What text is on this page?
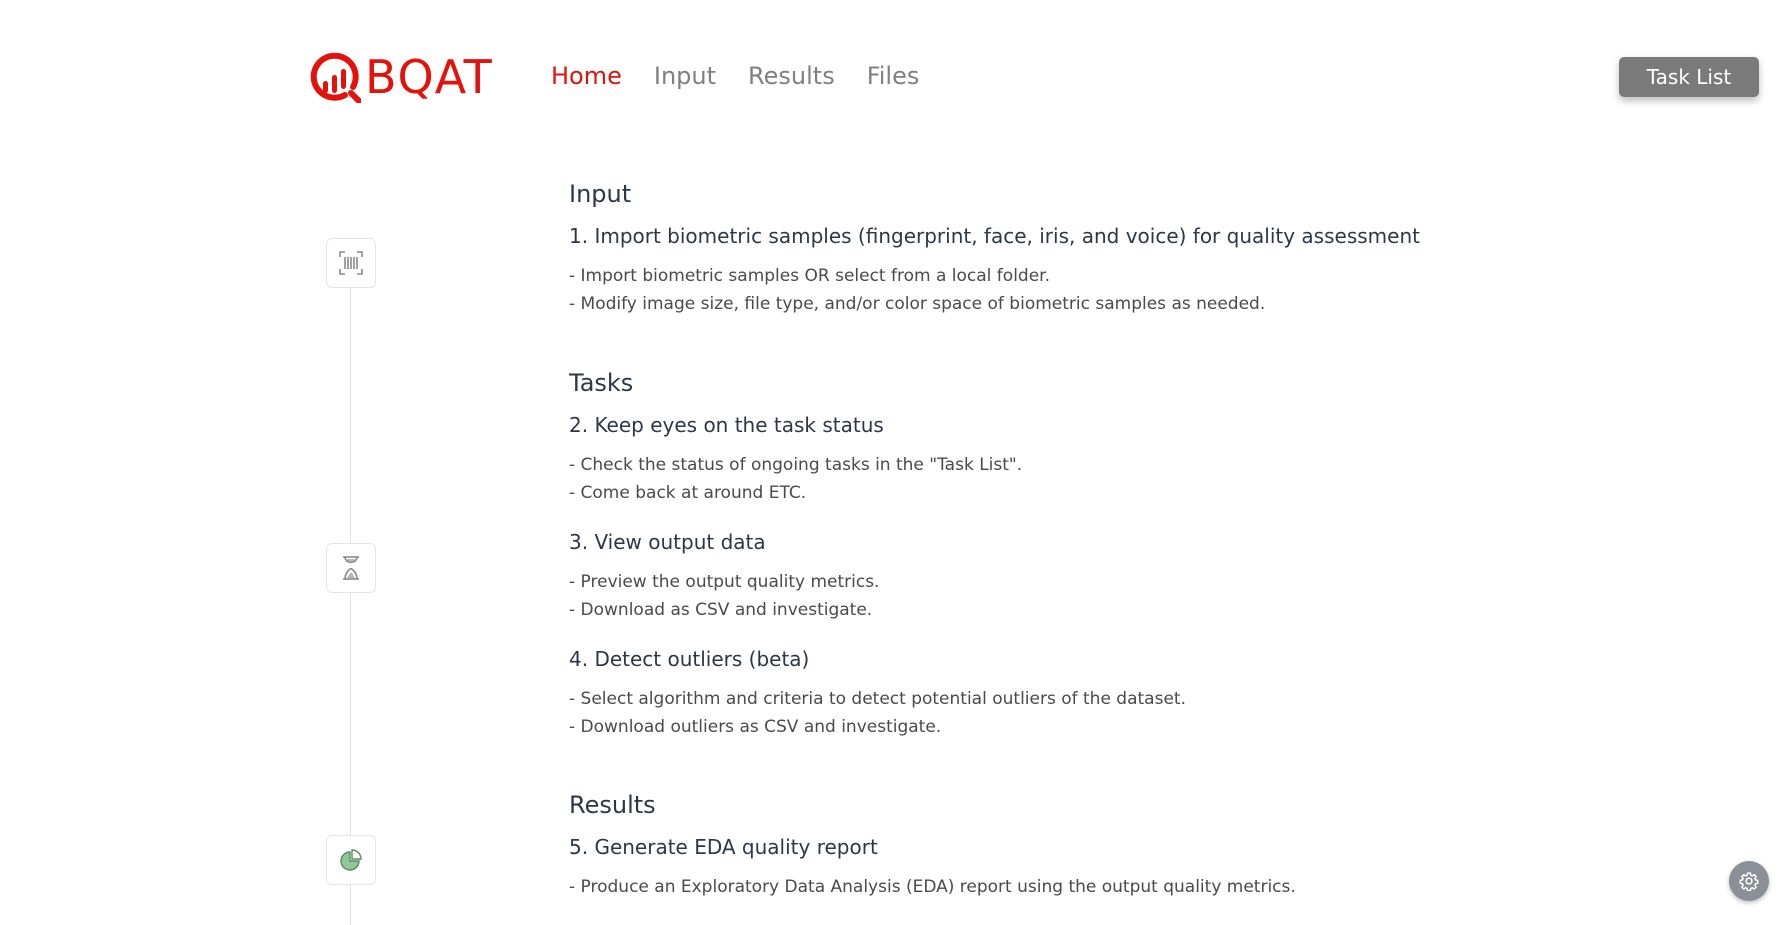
BQAT Home Input Results Files	Task List
Input
1. Import biometric samples (fingerprint, face, iris, and voice) for quality assessment
- Import biometric samples OR select from a local folder.
- Modify image size, file type, and/or color space of biometric samples as needed.
Tasks
2. Keep eyes on the task status
- Check the status of ongoing tasks in the "Task List".
- Come back at around ETC.
3. View output data
- Preview the output quality metrics.
- Download as CSV and investigate.
4. Detect outliers (beta)
- Select algorithm and criteria to detect potential outliers of the dataset.
- Download outliers as CSV and investigate.
Results
5. Generate EDA quality report
- Produce an Exploratory Data Analysis (EDA) report using the output quality metrics.
